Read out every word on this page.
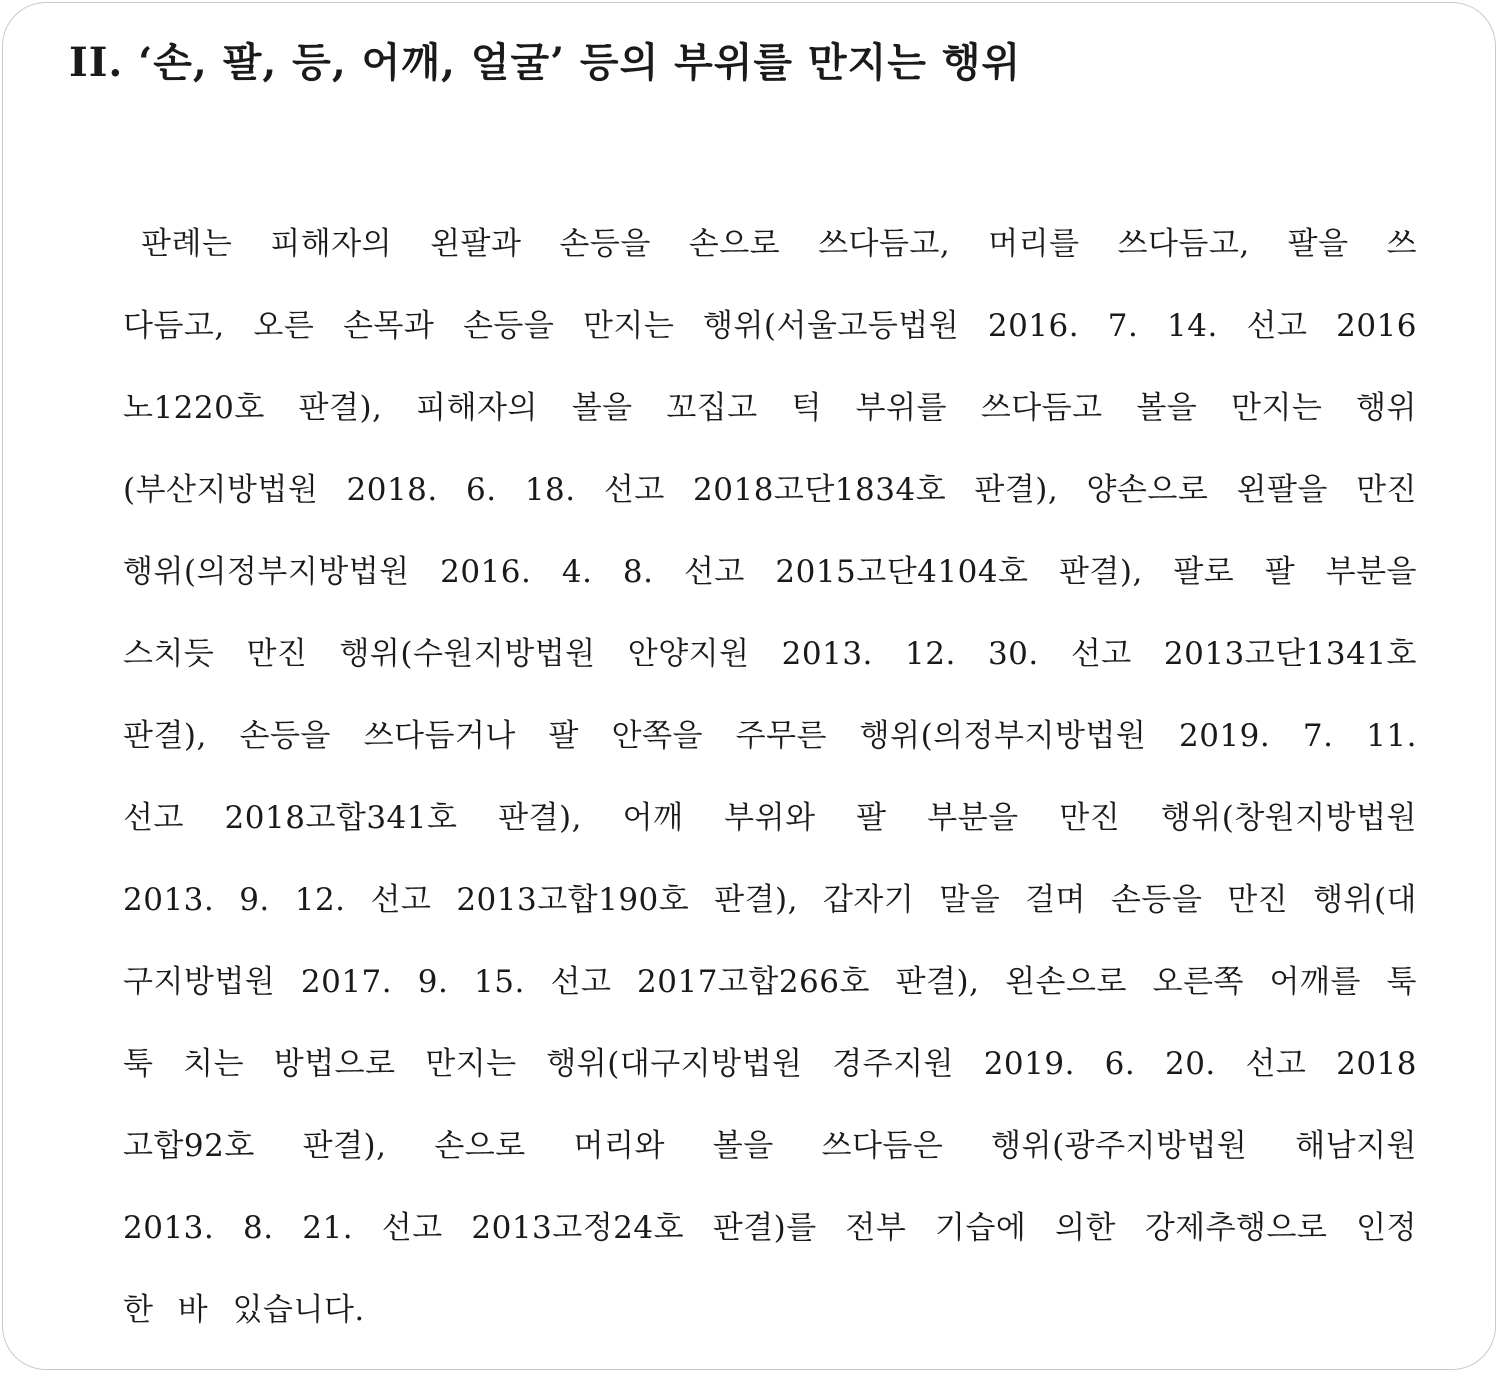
II. ‘손, 팔, 등, 어깨, 얼굴’ 등의 부위를 만지는 행위
판례는 피해자의 왼팔과 손등을 손으로 쓰다듬고, 머리를 쓰다듬고, 팔을 쓰
다듬고, 오른 손목과 손등을 만지는 행위(서울고등법원 2016. 7. 14. 선고 2016
노1220호 판결), 피해자의 볼을 꼬집고 턱 부위를 쓰다듬고 볼을 만지는 행위
(부산지방법원 2018. 6. 18. 선고 2018고단1834호 판결), 양손으로 왼팔을 만진
행위(의정부지방법원 2016. 4. 8. 선고 2015고단4104호 판결), 팔로 팔 부분을
스치듯 만진 행위(수원지방법원 안양지원 2013. 12. 30. 선고 2013고단1341호
판결), 손등을 쓰다듬거나 팔 안쪽을 주무른 행위(의정부지방법원 2019. 7. 11.
선고 2018고합341호 판결), 어깨 부위와 팔 부분을 만진 행위(창원지방법원
2013. 9. 12. 선고 2013고합190호 판결), 갑자기 말을 걸며 손등을 만진 행위(대
구지방법원 2017. 9. 15. 선고 2017고합266호 판결), 왼손으로 오른쪽 어깨를 툭
툭 치는 방법으로 만지는 행위(대구지방법원 경주지원 2019. 6. 20. 선고 2018
고합92호 판결), 손으로 머리와 볼을 쓰다듬은 행위(광주지방법원 해남지원
2013. 8. 21. 선고 2013고정24호 판결)를 전부 기습에 의한 강제추행으로 인정
한 바 있습니다.
